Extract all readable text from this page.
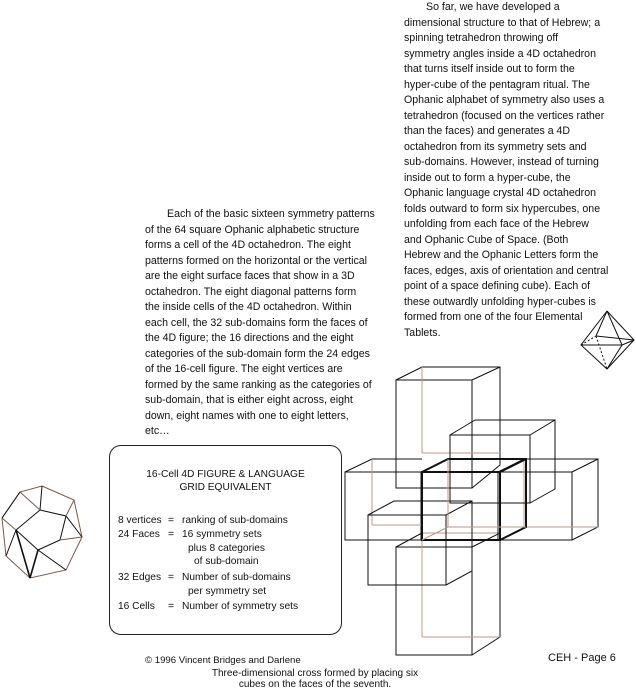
So far, we have developed a

dimensional structure to that of Hebrew; a

spinning tetrahedron throwing off

symmetry angles inside a 4D octahedron

that turns itself inside out to form the

hyper-cube of the pentagram ritual. The

Ophanic alphabet of symmetry also uses a

tetrahedron (focused on the vertices rather

than the faces) and generates a 4D

octahedron from its symmetry sets and

sub-domains. However, instead of turning

inside out to form a hyper-cube, the

Ophanic language crystal 4D octahedron

folds outward to form six hypercubes, one

unfolding from each face of the Hebrew

and Ophanic Cube of Space. (Both

Hebrew and the Ophanic Letters form the

faces, edges, axis of orientation and central

point of a space defining cube). Each of

these outwardly unfolding hyper-cubes is

formed from one of the four Elemental

Tablets.

Each of the basic sixteen symmetry patterns

of the 64 square Ophanic alphabetic structure

forms a cell of the 4D octahedron. The eight

patterns formed on the horizontal or the vertical

are the eight surface faces that show in a 3D

octahedron. The eight diagonal patterns form

the inside cells of the 4D octahedron. Within

each cell, the 32 sub-domains form the faces of

the 4D figure; the 16 directions and the eight

categories of the sub-domain form the 24 edges

of the 16-cell figure. The eight vertices are

formed by the same ranking as the categories of

sub-domain, that is either eight across, eight

down, eight names with one to eight letters,

etc…

16-Cell 4D FIGURE & LANGUAGE
GRID EQUIVALENT
8 vertices = ranking of sub-domains
24 Faces = 16 symmetry sets
plus 8 categories
of sub-domain
32 Edges = Number of sub-domains
per symmetry set
16 Cells = Number of symmetry sets
© 1996 Vincent Bridges and Darlene	CEH - Page 6
Three-dimensional cross formed by placing six
cubes on the faces of the seventh.
